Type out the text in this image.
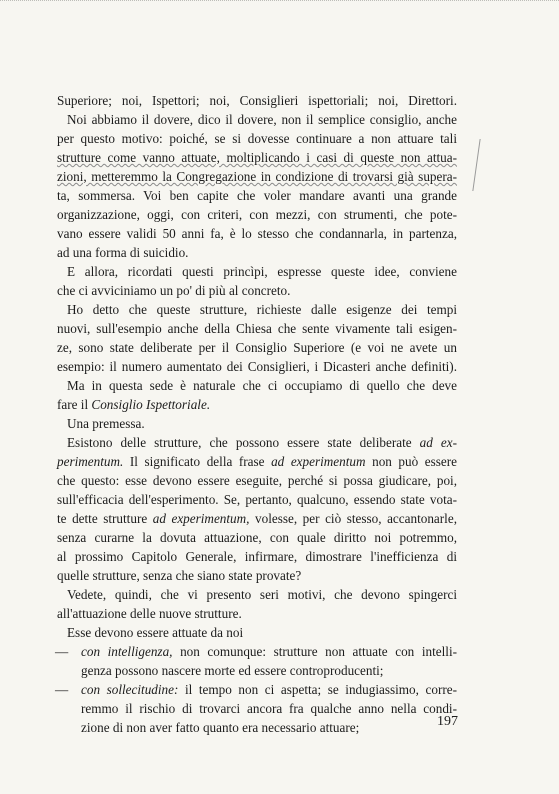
Superiore; noi, Ispettori; noi, Consiglieri ispettoriali; noi, Direttori.
Noi abbiamo il dovere, dico il dovere, non il semplice consiglio, anche
per questo motivo: poiché, se si dovesse continuare a non attuare tali
strutture come vanno attuate, moltiplicando i casi di queste non attua-
zioni, metteremmo la Congregazione in condizione di trovarsi già supera-
ta, sommersa. Voi ben capite che voler mandare avanti una grande
organizzazione, oggi, con criteri, con mezzi, con strumenti, che pote-
vano essere validi 50 anni fa, è lo stesso che condannarla, in partenza,
ad una forma di suicidio.
E allora, ricordati questi princìpi, espresse queste idee, conviene
che ci avviciniamo un po' di più al concreto.
Ho detto che queste strutture, richieste dalle esigenze dei tempi
nuovi, sull'esempio anche della Chiesa che sente vivamente tali esigen-
ze, sono state deliberate per il Consiglio Superiore (e voi ne avete un
esempio: il numero aumentato dei Consiglieri, i Dicasteri anche definiti).
Ma in questa sede è naturale che ci occupiamo di quello che deve
fare il Consiglio Ispettoriale.
Una premessa.
Esistono delle strutture, che possono essere state deliberate ad ex-
perimentum. Il significato della frase ad experimentum non può essere
che questo: esse devono essere eseguite, perché si possa giudicare, poi,
sull'efficacia dell'esperimento. Se, pertanto, qualcuno, essendo state vota-
te dette strutture ad experimentum, volesse, per ciò stesso, accantonarle,
senza curarne la dovuta attuazione, con quale diritto noi potremmo,
al prossimo Capitolo Generale, infirmare, dimostrare l'inefficienza di
quelle strutture, senza che siano state provate?
Vedete, quindi, che vi presento seri motivi, che devono spingerci
all'attuazione delle nuove strutture.
Esse devono essere attuate da noi
— con intelligenza, non comunque: strutture non attuate con intelli-
genza possono nascere morte ed essere controproducenti;
— con sollecitudine: il tempo non ci aspetta; se indugiassimo, corre-
remmo il rischio di trovarci ancora fra qualche anno nella condi-
zione di non aver fatto quanto era necessario attuare;	197
